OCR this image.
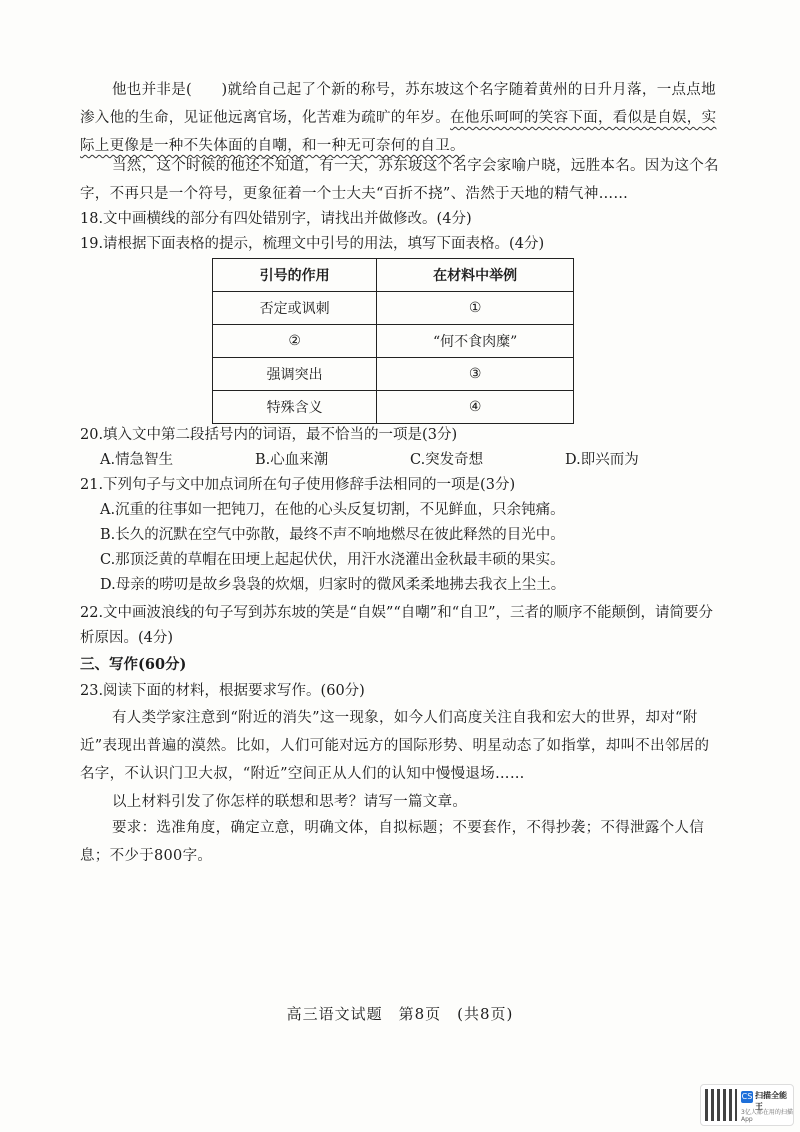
他也并非是(　　)就给自己起了个新的称号，苏东坡这个名字随着黄州的日升月落，一点点地渗入他的生命，见证他远离官场，化苦难为疏旷的年岁。在他乐呵呵的笑容下面，看似是自娱，实际上更像是一种不失体面的自嘲，和一种无可奈何的自卫。

当然，这个时候的他还不知道，有一天，苏东坡这个名字会家喻户晓，远胜本名。因为这个名字，不再只是一个符号，更象征着一个士大夫“百折不挠”、浩然于天地的精气神……

18.文中画横线的部分有四处错别字，请找出并做修改。(4分)

19.请根据下面表格的提示，梳理文中引号的用法，填写下面表格。(4分)

引号的作用	在材料中举例
否定或讽刺	①
②	“何不食肉糜”
强调突出	③
特殊含义	④

20.填入文中第二段括号内的词语，最不恰当的一项是(3分)

A.情急智生	B.心血来潮	C.突发奇想	D.即兴而为

21.下列句子与文中加点词所在句子使用修辞手法相同的一项是(3分)

A.沉重的往事如一把钝刀，在他的心头反复切割，不见鲜血，只余钝痛。

B.长久的沉默在空气中弥散，最终不声不响地燃尽在彼此释然的目光中。

C.那顶泛黄的草帽在田埂上起起伏伏，用汗水浇灌出金秋最丰硕的果实。

D.母亲的唠叨是故乡袅袅的炊烟，归家时的微风柔柔地拂去我衣上尘土。

22.文中画波浪线的句子写到苏东坡的笑是“自娱”“自嘲”和“自卫”，三者的顺序不能颠倒，请简要分析原因。(4分)

三、写作(60分)

23.阅读下面的材料，根据要求写作。(60分)

有人类学家注意到“附近的消失”这一现象，如今人们高度关注自我和宏大的世界，却对“附近”表现出普遍的漠然。比如，人们可能对远方的国际形势、明星动态了如指掌，却叫不出邻居的名字，不认识门卫大叔，“附近”空间正从人们的认知中慢慢退场……

以上材料引发了你怎样的联想和思考？请写一篇文章。

要求：选准角度，确定立意，明确文体，自拟标题；不要套作，不得抄袭；不得泄露个人信息；不少于800字。

高三语文试题　第8页　(共8页)
CS 扫描全能王
3亿人都在用的扫描App
